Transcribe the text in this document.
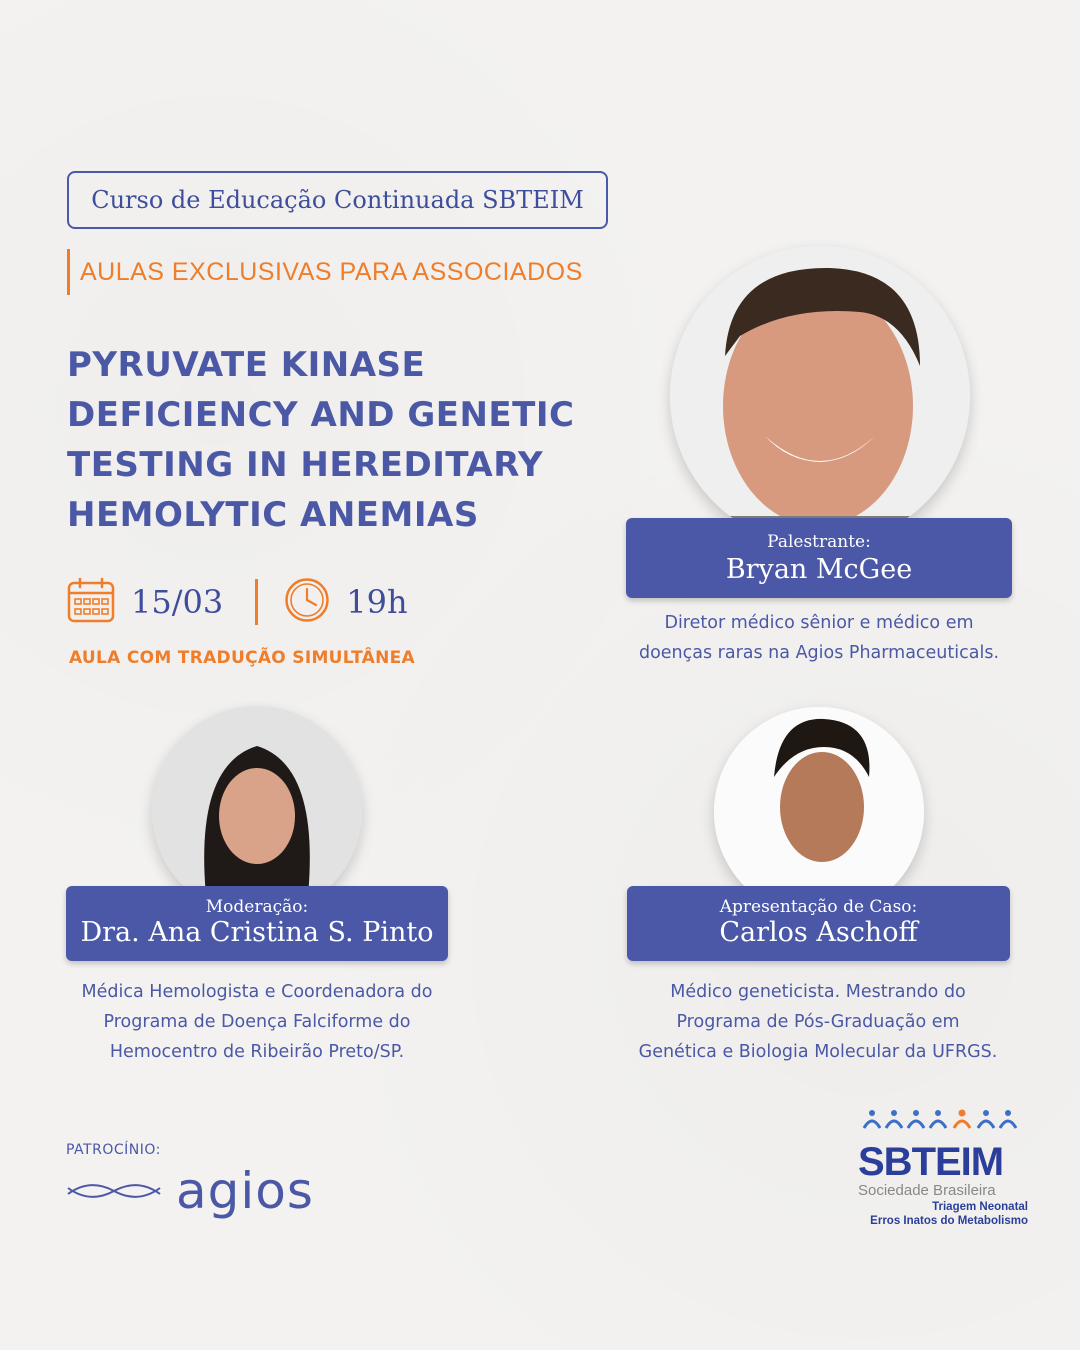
Curso de Educação Continuada SBTEIM
AULAS EXCLUSIVAS PARA ASSOCIADOS
PYRUVATE KINASE
DEFICIENCY AND GENETIC
TESTING IN HEREDITARY
HEMOLYTIC ANEMIAS
15/03	19h
AULA COM TRADUÇÃO SIMULTÂNEA
Palestrante:
Bryan McGee
Diretor médico sênior e médico em
doenças raras na Agios Pharmaceuticals.
Moderação:
Dra. Ana Cristina S. Pinto
Médica Hemologista e Coordenadora do
Programa de Doença Falciforme do
Hemocentro de Ribeirão Preto/SP.
Apresentação de Caso:
Carlos Aschoff
Médico geneticista. Mestrando do
Programa de Pós-Graduação em
Genética e Biologia Molecular da UFRGS.
PATROCÍNIO:
agios	SBTEIM
Sociedade Brasileira
Triagem Neonatal
Erros Inatos do Metabolismo
